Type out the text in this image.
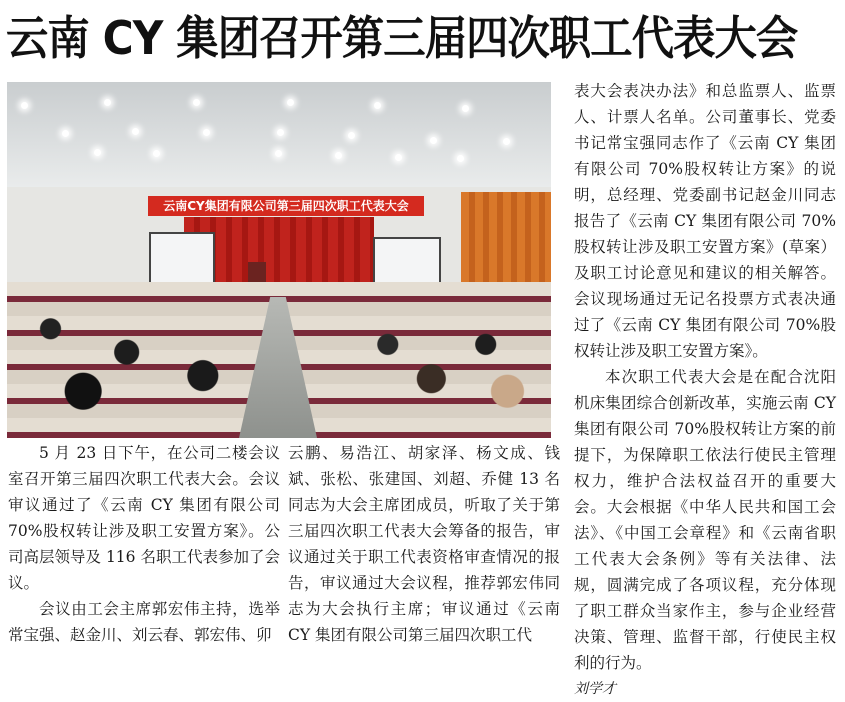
云南 CY 集团召开第三届四次职工代表大会
云南CY集团有限公司第三届四次职工代表大会

5 月 23 日下午，在公司二楼会议室召开第三届四次职工代表大会。会议审议通过了《云南 CY 集团有限公司 70%股权转让涉及职工安置方案》。公司高层领导及 116 名职工代表参加了会议。

会议由工会主席郭宏伟主持，选举常宝强、赵金川、刘云春、郭宏伟、卯

云鹏、易浩江、胡家泽、杨文成、钱斌、张松、张建国、刘超、乔健 13 名同志为大会主席团成员，听取了关于第三届四次职工代表大会筹备的报告，审议通过关于职工代表资格审查情况的报告，审议通过大会议程，推荐郭宏伟同志为大会执行主席；审议通过《云南 CY 集团有限公司第三届四次职工代

表大会表决办法》和总监票人、监票人、计票人名单。公司董事长、党委书记常宝强同志作了《云南 CY 集团有限公司 70%股权转让方案》的说明，总经理、党委副书记赵金川同志报告了《云南 CY 集团有限公司 70%股权转让涉及职工安置方案》(草案）及职工讨论意见和建议的相关解答。会议现场通过无记名投票方式表决通过了《云南 CY 集团有限公司 70%股权转让涉及职工安置方案》。

本次职工代表大会是在配合沈阳机床集团综合创新改革，实施云南 CY 集团有限公司 70%股权转让方案的前提下，为保障职工依法行使民主管理权力，维护合法权益召开的重要大会。大会根据《中华人民共和国工会法》、《中国工会章程》和《云南省职工代表大会条例》等有关法律、法规，圆满完成了各项议程，充分体现了职工群众当家作主，参与企业经营决策、管理、监督干部，行使民主权利的行为。

刘学才
